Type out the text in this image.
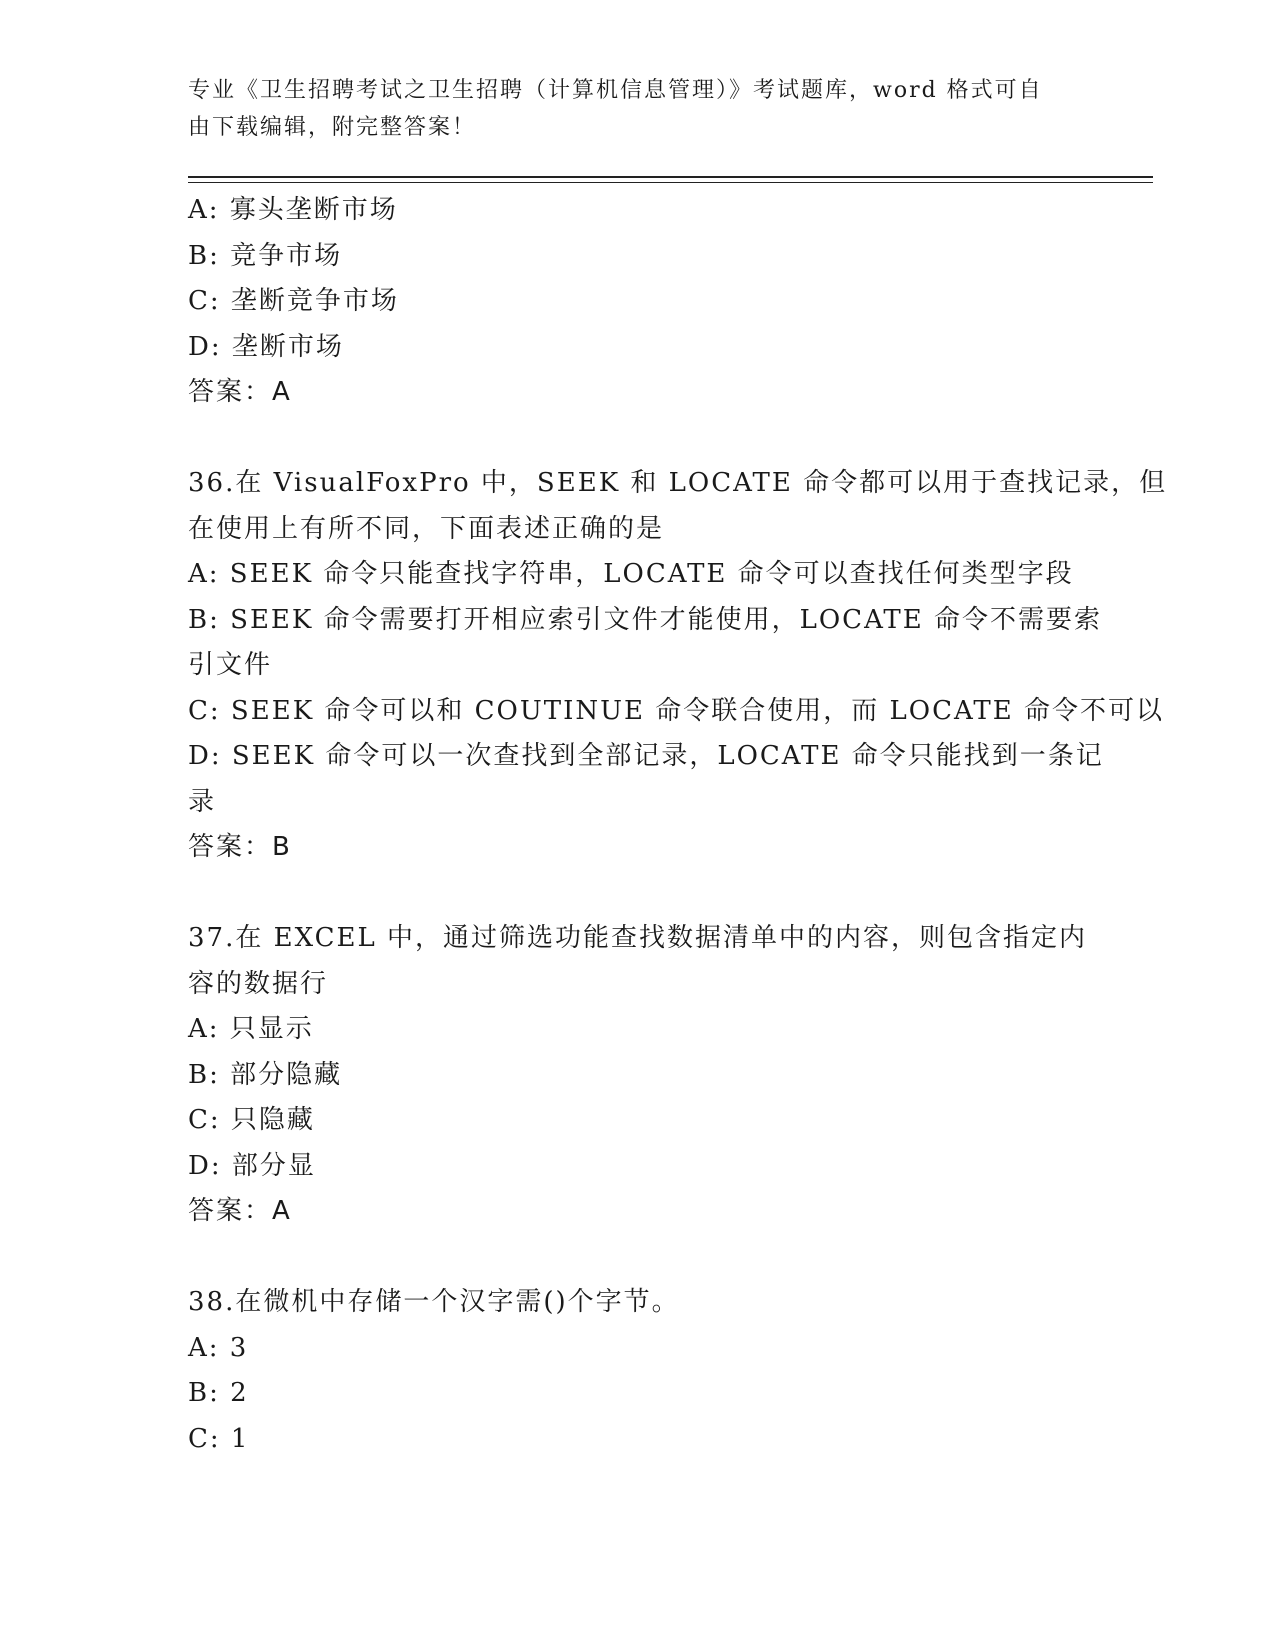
专业《卫生招聘考试之卫生招聘（计算机信息管理）》考试题库，word 格式可自
由下载编辑，附完整答案！
A: 寡头垄断市场
B: 竞争市场
C: 垄断竞争市场
D: 垄断市场
答案：A
36.在 VisualFoxPro 中，SEEK 和 LOCATE 命令都可以用于查找记录，但
在使用上有所不同，下面表述正确的是
A: SEEK 命令只能查找字符串，LOCATE 命令可以查找任何类型字段
B: SEEK 命令需要打开相应索引文件才能使用，LOCATE 命令不需要索
引文件
C: SEEK 命令可以和 COUTINUE 命令联合使用，而 LOCATE 命令不可以
D: SEEK 命令可以一次查找到全部记录，LOCATE 命令只能找到一条记
录
答案：B
37.在 EXCEL 中，通过筛选功能查找数据清单中的内容，则包含指定内
容的数据行
A: 只显示
B: 部分隐藏
C: 只隐藏
D: 部分显
答案：A
38.在微机中存储一个汉字需()个字节。
A: 3
B: 2
C: 1
